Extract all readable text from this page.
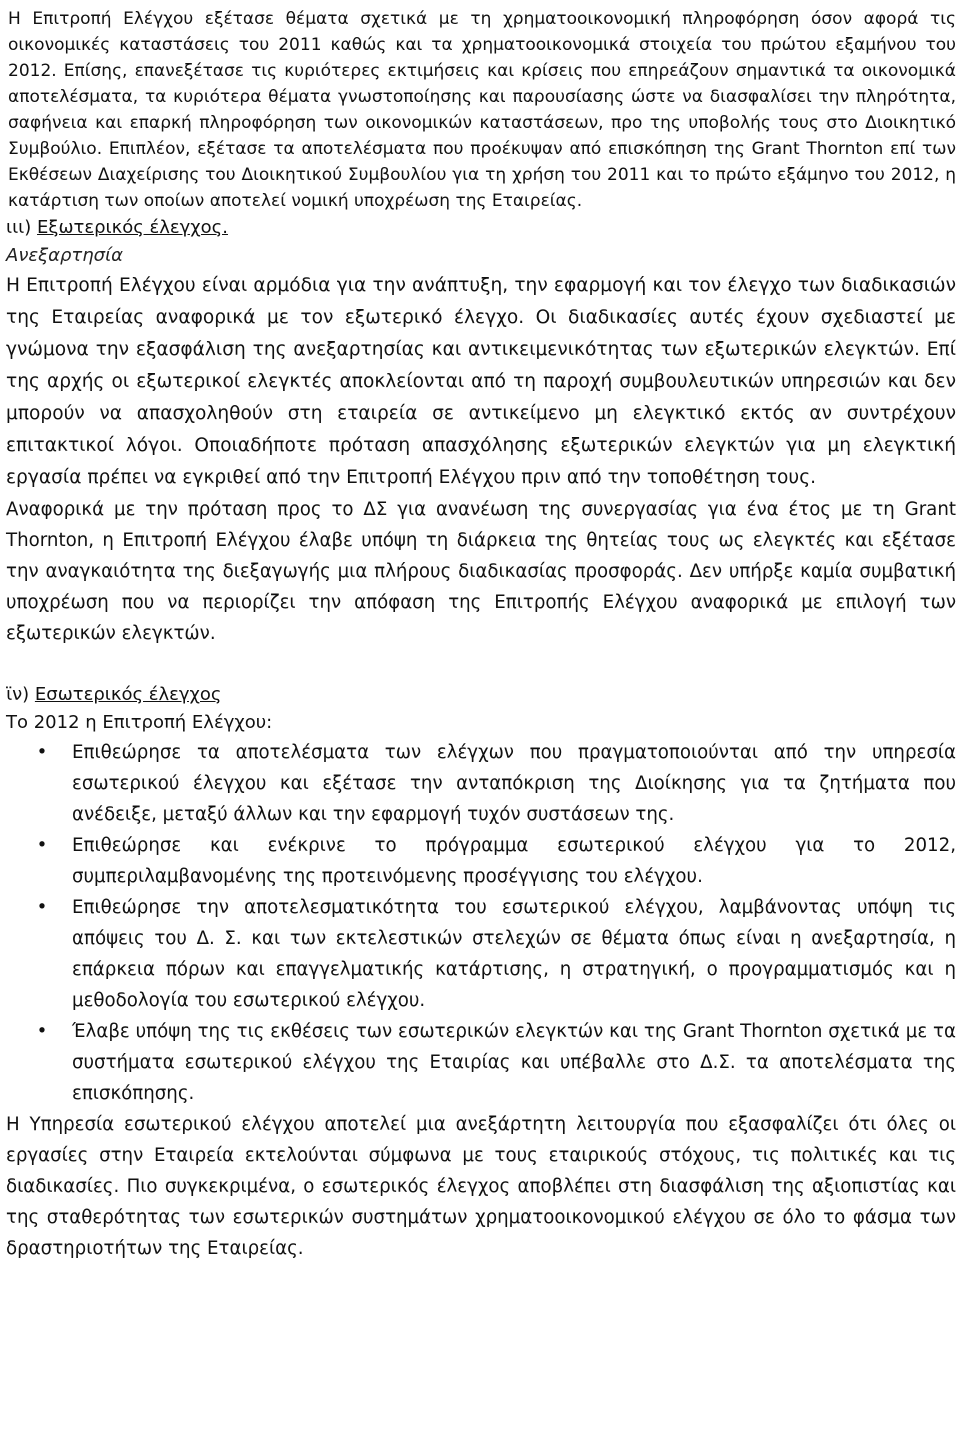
Η Επιτροπή Ελέγχου εξέτασε θέματα σχετικά με τη χρηματοοικονομική πληροφόρηση όσον αφορά τις οικονομικές καταστάσεις του 2011 καθώς και τα χρηματοοικονομικά στοιχεία του πρώτου εξαμήνου του 2012. Επίσης, επανεξέτασε τις κυριότερες εκτιμήσεις και κρίσεις που επηρεάζουν σημαντικά τα οικονομικά αποτελέσματα, τα κυριότερα θέματα γνωστοποίησης και παρουσίασης ώστε να διασφαλίσει την πληρότητα, σαφήνεια και επαρκή πληροφόρηση των οικονομικών καταστάσεων, προ της υποβολής τους στο Διοικητικό Συμβούλιο. Επιπλέον, εξέτασε τα αποτελέσματα που προέκυψαν από επισκόπηση της Grant Thornton επί των Εκθέσεων Διαχείρισης του Διοικητικού Συμβουλίου για τη χρήση του 2011 και το πρώτο εξάμηνο του 2012, η κατάρτιση των οποίων αποτελεί νομική υποχρέωση της Εταιρείας.

ιιι) Εξωτερικός έλεγχος.
Ανεξαρτησία

Η Επιτροπή Ελέγχου είναι αρμόδια για την ανάπτυξη, την εφαρμογή και τον έλεγχο των διαδικασιών της Εταιρείας αναφορικά με τον εξωτερικό έλεγχο. Οι διαδικασίες αυτές έχουν σχεδιαστεί με γνώμονα την εξασφάλιση της ανεξαρτησίας και αντικειμενικότητας των εξωτερικών ελεγκτών. Επί της αρχής οι εξωτερικοί ελεγκτές αποκλείονται από τη παροχή συμβουλευτικών υπηρεσιών και δεν μπορούν να απασχοληθούν στη εταιρεία σε αντικείμενο μη ελεγκτικό εκτός αν συντρέχουν επιτακτικοί λόγοι. Οποιαδήποτε πρόταση απασχόλησης εξωτερικών ελεγκτών για μη ελεγκτική εργασία πρέπει να εγκριθεί από την Επιτροπή Ελέγχου πριν από την τοποθέτηση τους.

Αναφορικά με την πρόταση προς το ΔΣ για ανανέωση της συνεργασίας για ένα έτος με τη Grant Thornton, η Επιτροπή Ελέγχου έλαβε υπόψη τη διάρκεια της θητείας τους ως ελεγκτές και εξέτασε την αναγκαιότητα της διεξαγωγής μια πλήρους διαδικασίας προσφοράς. Δεν υπήρξε καμία συμβατική υποχρέωση που να περιορίζει την απόφαση της Επιτροπής Ελέγχου αναφορικά με επιλογή των εξωτερικών ελεγκτών.

ϊν) Εσωτερικός έλεγχος
Το 2012 η Επιτροπή Ελέγχου:
• Επιθεώρησε τα αποτελέσματα των ελέγχων που πραγματοποιούνται από την υπηρεσία εσωτερικού έλεγχου και εξέτασε την ανταπόκριση της Διοίκησης για τα ζητήματα που ανέδειξε, μεταξύ άλλων και την εφαρμογή τυχόν συστάσεων της.
• Επιθεώρησε και ενέκρινε το πρόγραμμα εσωτερικού ελέγχου για το 2012, συμπεριλαμβανομένης της προτεινόμενης προσέγγισης του ελέγχου.
• Επιθεώρησε την αποτελεσματικότητα του εσωτερικού ελέγχου, λαμβάνοντας υπόψη τις απόψεις του Δ. Σ. και των εκτελεστικών στελεχών σε θέματα όπως είναι η ανεξαρτησία, η επάρκεια πόρων και επαγγελματικής κατάρτισης, η στρατηγική, ο προγραμματισμός και η μεθοδολογία του εσωτερικού ελέγχου.
• Έλαβε υπόψη της τις εκθέσεις των εσωτερικών ελεγκτών και της Grant Thornton σχετικά με τα συστήματα εσωτερικού ελέγχου της Εταιρίας και υπέβαλλε στο Δ.Σ. τα αποτελέσματα της επισκόπησης.

Η Υπηρεσία εσωτερικού ελέγχου αποτελεί μια ανεξάρτητη λειτουργία που εξασφαλίζει ότι όλες οι εργασίες στην Εταιρεία εκτελούνται σύμφωνα με τους εταιρικούς στόχους, τις πολιτικές και τις διαδικασίες. Πιο συγκεκριμένα, ο εσωτερικός έλεγχος αποβλέπει στη διασφάλιση της αξιοπιστίας και της σταθερότητας των εσωτερικών συστημάτων χρηματοοικονομικού ελέγχου σε όλο το φάσμα των δραστηριοτήτων της Εταιρείας.
